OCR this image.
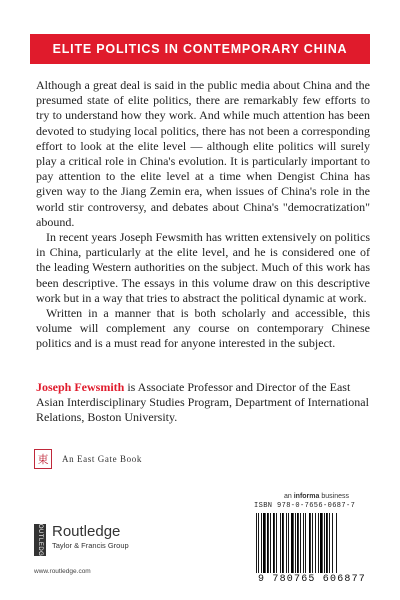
ELITE POLITICS IN CONTEMPORARY CHINA

Although a great deal is said in the public media about China and the presumed state of elite politics, there are remarkably few efforts to try to understand how they work. And while much attention has been devoted to studying local politics, there has not been a corresponding effort to look at the elite level — although elite politics will surely play a critical role in China's evolution. It is particularly important to pay attention to the elite level at a time when Dengist China has given way to the Jiang Zemin era, when issues of China's role in the world stir controversy, and debates about China's "democratization" abound.

In recent years Joseph Fewsmith has written extensively on politics in China, particularly at the elite level, and he is considered one of the leading Western authorities on the subject. Much of this work has been descriptive. The essays in this volume draw on this descriptive work but in a way that tries to abstract the political dynamic at work.

Written in a manner that is both scholarly and accessible, this volume will complement any course on contemporary Chinese politics and is a must read for anyone interested in the subject.

Joseph Fewsmith is Associate Professor and Director of the East Asian Interdisciplinary Studies Program, Department of International Relations, Boston University.
東	An East Gate Book
ROUTLEDGE Routledge
Taylor & Francis Group
www.routledge.com
an informa business
ISBN 978-0-7656-0687-7
9 780765 606877
